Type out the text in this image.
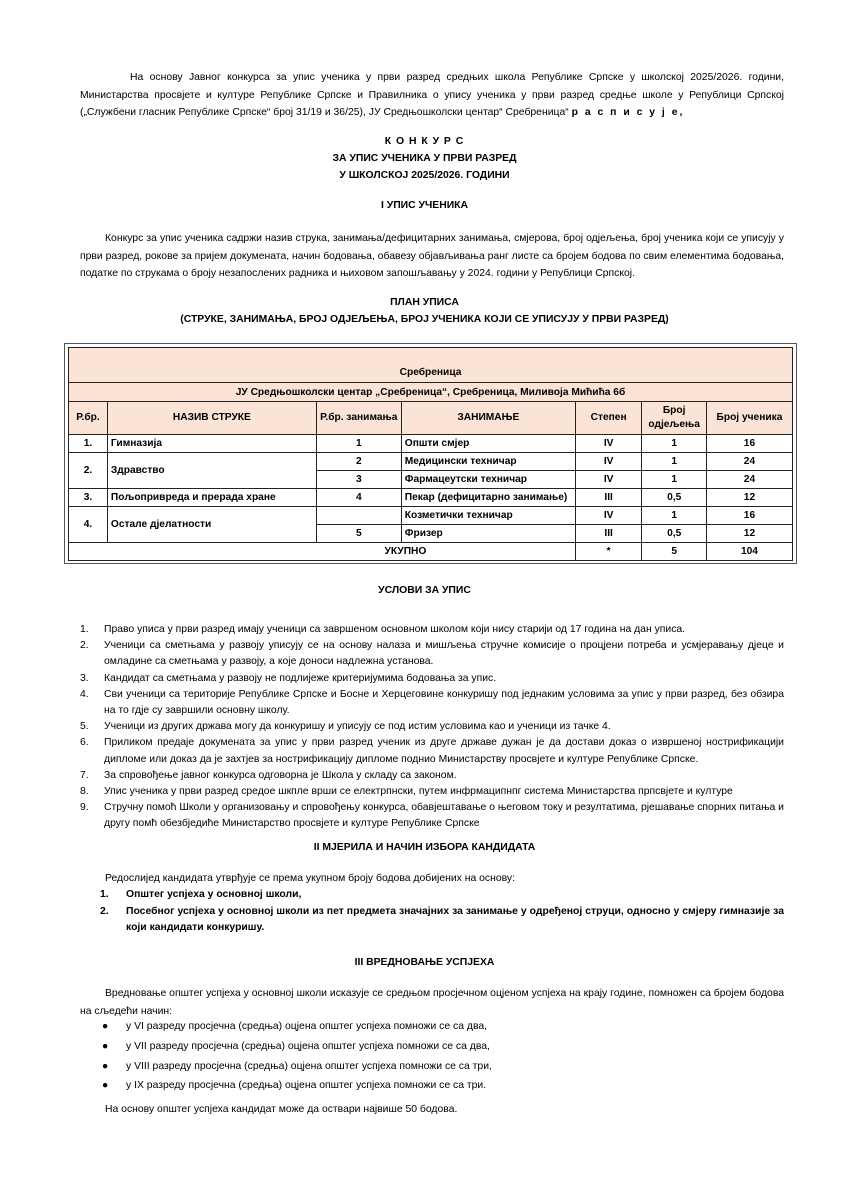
На основу Јавног конкурса за упис ученика у први разред средњих школа Републике Српске у школској 2025/2026. години, Министарства просвјете и културе Републике Српске и Правилника о упису ученика у први разред средње школе у Републици Српској („Службени гласник Републике Српске“ број 31/19 и 36/25), ЈУ Средњошколски центар“ Сребреница“ р а с п и с у ј е,
К О Н К У Р С
ЗА УПИС УЧЕНИКА У ПРВИ РАЗРЕД
У ШКОЛСКОЈ 2025/2026. ГОДИНИ
I УПИС УЧЕНИКА
Конкурс за упис ученика садржи назив струка, занимања/дефицитарних занимања, смјерова, број одјељења, број ученика који се уписују у први разред, рокове за пријем докумената, начин бодовања, обавезу објављивања ранг листе са бројем бодова по свим елементима бодовања, податке по струкама о броју незапослених радника и њиховом запошљавању у 2024. години у Републици Српској.
ПЛАН УПИСА
(СТРУКЕ, ЗАНИМАЊА, БРОЈ ОДЈЕЉЕЊА, БРОЈ УЧЕНИКА КОЈИ СЕ УПИСУЈУ У ПРВИ РАЗРЕД)
Сребреница						
ЈУ Средњошколски центар „Сребреница“, Сребреница, Миливоја Мићића 6б						
Р.бр.	НАЗИВ СТРУКЕ	Р.бр. занимања	ЗАНИМАЊЕ	Степен	Број одјељења	Број ученика
1.	Гимназија	1	Општи смјер	IV	1	16
2.	Здравство	2	Медицински техничар	IV	1	24
		3	Фармацеутски техничар	IV	1	24
3.	Пољопривреда и прерада хране	4	Пекар (дефицитарно занимање)	III	0,5	12
4.	Остале дјелатности		Козметички техничар	IV	1	16
		5	Фризер	III	0,5	12
УКУПНО				*	5	104
УСЛОВИ ЗА УПИС
1. Право уписа у први разред имају ученици са завршеном основном школом који нису старији од 17 година на дан уписа.
2. Ученици са сметњама у развоју уписују се на основу налаза и мишљења стручне комисије о процјени потреба и усмјеравању дјеце и омладине са сметњама у развоју, а које доноси надлежна установа.
3. Кандидат са сметњама у развоју не подлијеже критеријумима бодовања за упис.
4. Сви ученици са територије Републике Српске и Босне и Херцеговине конкуришу под једнаким условима за упис у први разред, без обзира на то гдје су завршили основну школу.
5. Ученици из других држава могу да конкуришу и уписују се под истим условима као и ученици из тачке 4.
6. Приликом предаје докумената за упис у први разред ученик из друге државе дужан је да достави доказ о извршеној нострификацији дипломе или доказ да је захтјев за нострификацију дипломе поднио Министарству просвјете и културе Републике Српске.
7. За спровођење јавног конкурса одговорна је Школа у складу са законом.
8. Упис ученика у први разред средое шкпле врши се електрпнски, путем инфрмаципнпг система Министарства прпсвјете и културе
9. Стручну помоћ Школи у организовању и спровођењу конкурса, обавјештавање о његовом току и резултатима, рјешавање спорних питања и другу помћ обезбједиће Министарство просвјете и културе Републике Српске
II МЈЕРИЛА И НАЧИН ИЗБОРА КАНДИДАТА
Редослијед кандидата утврђује се према укупном броју бодова добијених на основу:
1. Општег успјеха у основној школи,
2. Посебног успјеха у основној школи из пет предмета значајних за занимање у одређеној струци, односно у смјеру гимназије за који кандидати конкуришу.
III ВРЕДНОВАЊЕ УСПЈЕХА
Вредновање општег успјеха у основној школи исказује се средњом просјечном оцјеном успјеха на крају године, помножен са бројем бодова на сљедећи начин:
● у VI разреду просјечна (средња) оцјена општег успјеха помножи се са два,
● у VII разреду просјечна (средња) оцјена општег успјеха помножи се са два,
● у VIII разреду просјечна (средња) оцјена општег успјеха помножи се са три,
● у IX разреду просјечна (средња) оцјена општег успјеха помножи се са три.
На основу општег успјеха кандидат може да оствари највише 50 бодова.
